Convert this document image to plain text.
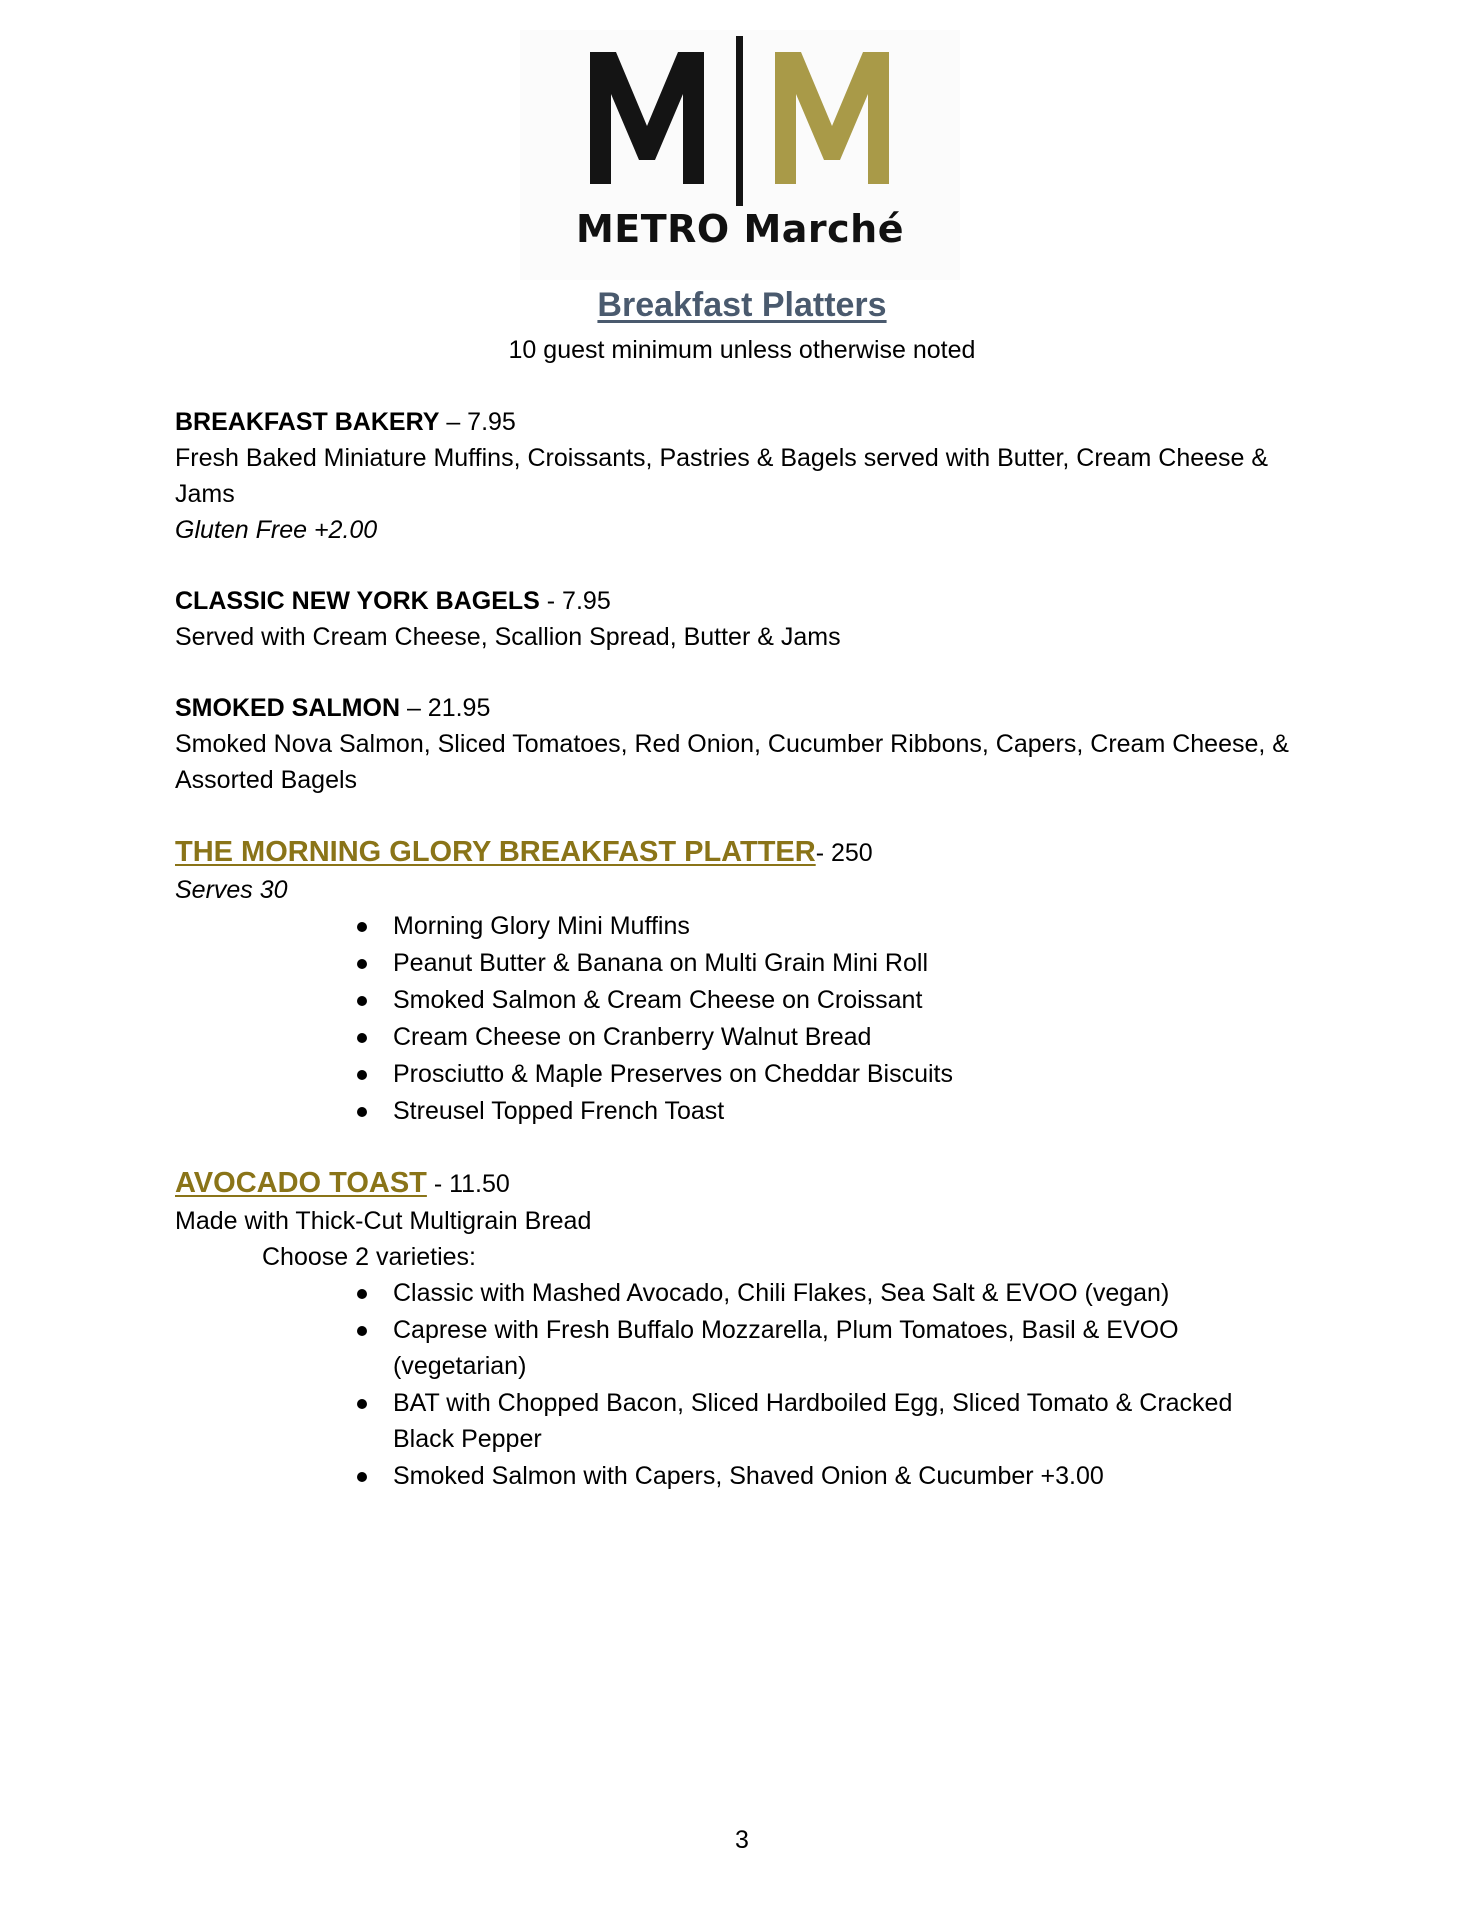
METRO Marché
Breakfast Platters
10 guest minimum unless otherwise noted
BREAKFAST BAKERY – 7.95
Fresh Baked Miniature Muffins, Croissants, Pastries & Bagels served with Butter, Cream Cheese & Jams
Gluten Free +2.00
CLASSIC NEW YORK BAGELS - 7.95
Served with Cream Cheese, Scallion Spread, Butter & Jams
SMOKED SALMON – 21.95
Smoked Nova Salmon, Sliced Tomatoes, Red Onion, Cucumber Ribbons, Capers, Cream Cheese, & Assorted Bagels
THE MORNING GLORY BREAKFAST PLATTER- 250
Serves 30
Morning Glory Mini Muffins
Peanut Butter & Banana on Multi Grain Mini Roll
Smoked Salmon & Cream Cheese on Croissant
Cream Cheese on Cranberry Walnut Bread
Prosciutto & Maple Preserves on Cheddar Biscuits
Streusel Topped French Toast
AVOCADO TOAST - 11.50
Made with Thick-Cut Multigrain Bread
Choose 2 varieties:
Classic with Mashed Avocado, Chili Flakes, Sea Salt & EVOO (vegan)
Caprese with Fresh Buffalo Mozzarella, Plum Tomatoes, Basil & EVOO (vegetarian)
BAT with Chopped Bacon, Sliced Hardboiled Egg, Sliced Tomato & Cracked Black Pepper
Smoked Salmon with Capers, Shaved Onion & Cucumber +3.00
3
